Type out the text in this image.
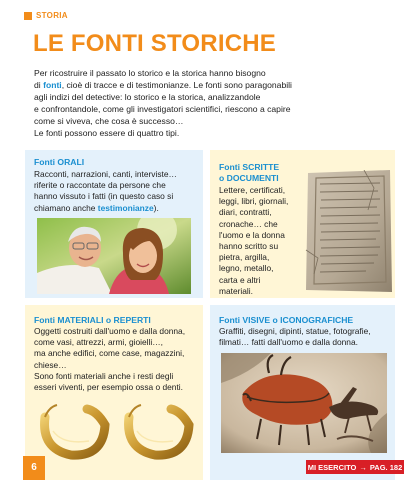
STORIA
LE FONTI STORICHE
Per ricostruire il passato lo storico e la storica hanno bisogno
di fonti, cioè di tracce e di testimonianze. Le fonti sono paragonabili
agli indizi del detective: lo storico e la storica, analizzandole
e confrontandole, come gli investigatori scientifici, riescono a capire
come si viveva, che cosa è successo…
Le fonti possono essere di quattro tipi.
Fonti ORALI
Racconti, narrazioni, canti, interviste…
riferite o raccontate da persone che
hanno vissuto i fatti (in questo caso si
chiamano anche testimonianze).
Fonti SCRITTE
o DOCUMENTI
Lettere, certificati,
leggi, libri, giornali,
diari, contratti,
cronache… che
l'uomo e la donna
hanno scritto su
pietra, argilla,
legno, metallo,
carta e altri
materiali.
Fonti MATERIALI o REPERTI
Oggetti costruiti dall'uomo e dalla donna,
come vasi, attrezzi, armi, gioielli…,
ma anche edifici, come case, magazzini,
chiese…
Sono fonti materiali anche i resti degli
esseri viventi, per esempio ossa o denti.
Fonti VISIVE o ICONOGRAFICHE
Graffiti, disegni, dipinti, statue, fotografie,
filmati… fatti dall'uomo e dalla donna.
6	MI ESERCITO → PAG. 182
